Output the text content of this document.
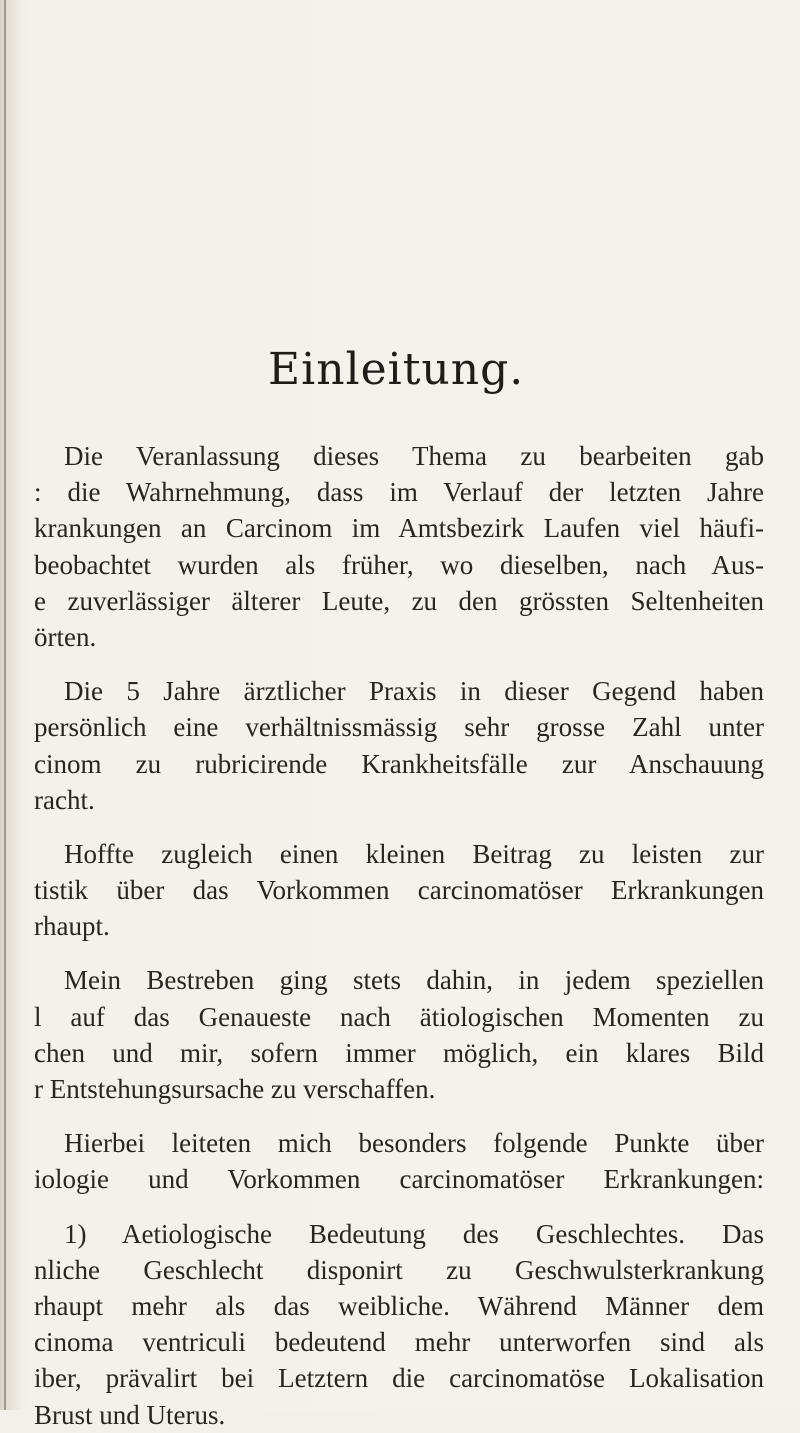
Einleitung.
Die Veranlassung dieses Thema zu bearbeiten gab
: die Wahrnehmung, dass im Verlauf der letzten Jahre
krankungen an Carcinom im Amtsbezirk Laufen viel häufi-
beobachtet wurden als früher, wo dieselben, nach Aus-
e zuverlässiger älterer Leute, zu den grössten Seltenheiten
örten.
Die 5 Jahre ärztlicher Praxis in dieser Gegend haben
persönlich eine verhältnissmässig sehr grosse Zahl unter
cinom zu rubricirende Krankheitsfälle zur Anschauung
racht.
Hoffte zugleich einen kleinen Beitrag zu leisten zur
tistik über das Vorkommen carcinomatöser Erkrankungen
rhaupt.
Mein Bestreben ging stets dahin, in jedem speziellen
l auf das Genaueste nach ätiologischen Momenten zu
chen und mir, sofern immer möglich, ein klares Bild
r Entstehungsursache zu verschaffen.
Hierbei leiteten mich besonders folgende Punkte über
iologie und Vorkommen carcinomatöser Erkrankungen:
1) Aetiologische Bedeutung des Geschlechtes. Das
nliche Geschlecht disponirt zu Geschwulsterkrankung
rhaupt mehr als das weibliche. Während Männer dem
cinoma ventriculi bedeutend mehr unterworfen sind als
iber, prävalirt bei Letztern die carcinomatöse Lokalisation
Brust und Uterus.
